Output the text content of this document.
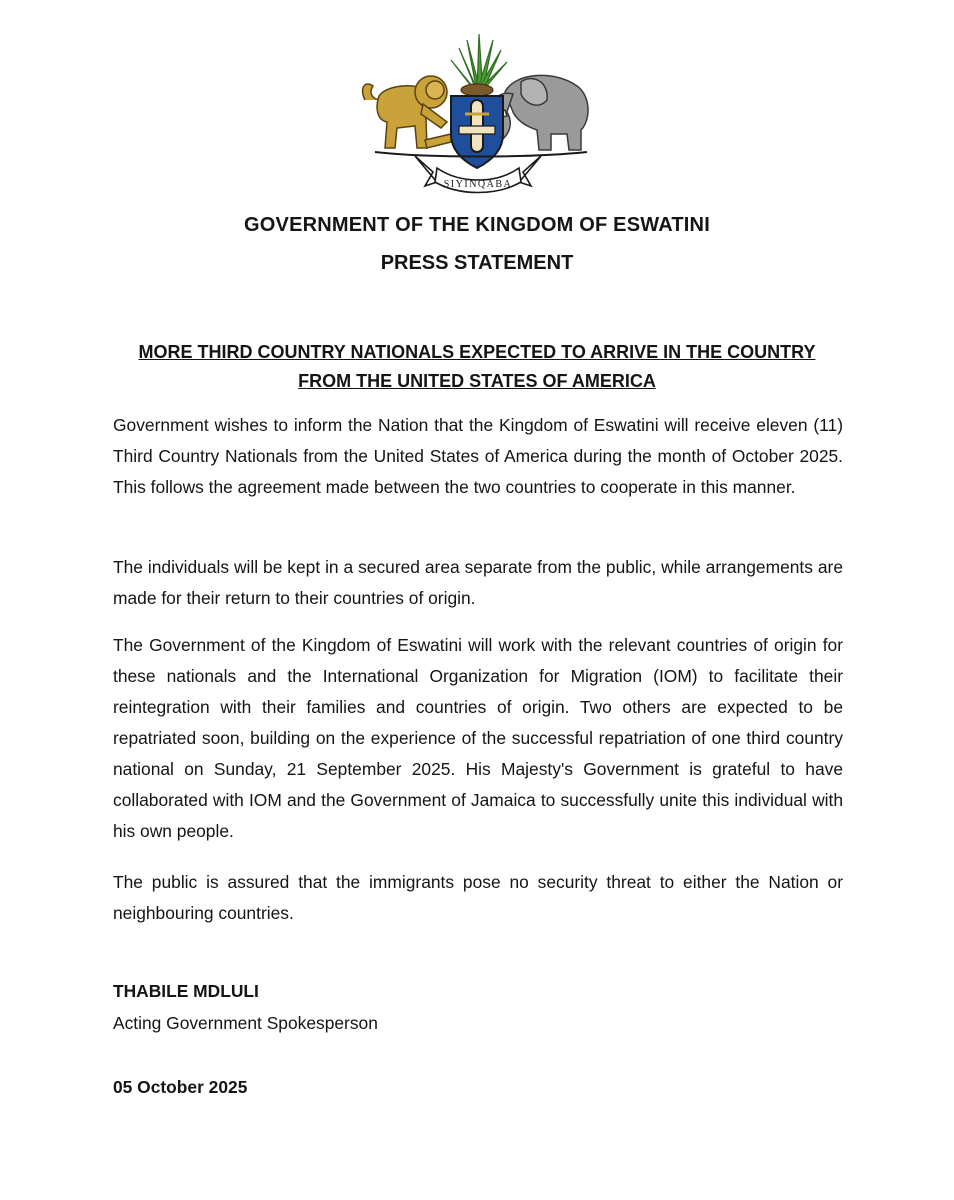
SIYINQABA
GOVERNMENT OF THE KINGDOM OF ESWATINI
PRESS STATEMENT
MORE THIRD COUNTRY NATIONALS EXPECTED TO ARRIVE IN THE COUNTRY FROM THE UNITED STATES OF AMERICA

Government wishes to inform the Nation that the Kingdom of Eswatini will receive eleven (11) Third Country Nationals from the United States of America during the month of October 2025. This follows the agreement made between the two countries to cooperate in this manner.

The individuals will be kept in a secured area separate from the public, while arrangements are made for their return to their countries of origin.

The Government of the Kingdom of Eswatini will work with the relevant countries of origin for these nationals and the International Organization for Migration (IOM) to facilitate their reintegration with their families and countries of origin. Two others are expected to be repatriated soon, building on the experience of the successful repatriation of one third country national on Sunday, 21 September 2025. His Majesty's Government is grateful to have collaborated with IOM and the Government of Jamaica to successfully unite this individual with his own people.

The public is assured that the immigrants pose no security threat to either the Nation or neighbouring countries.

THABILE MDLULI
Acting Government Spokesperson
05 October 2025
